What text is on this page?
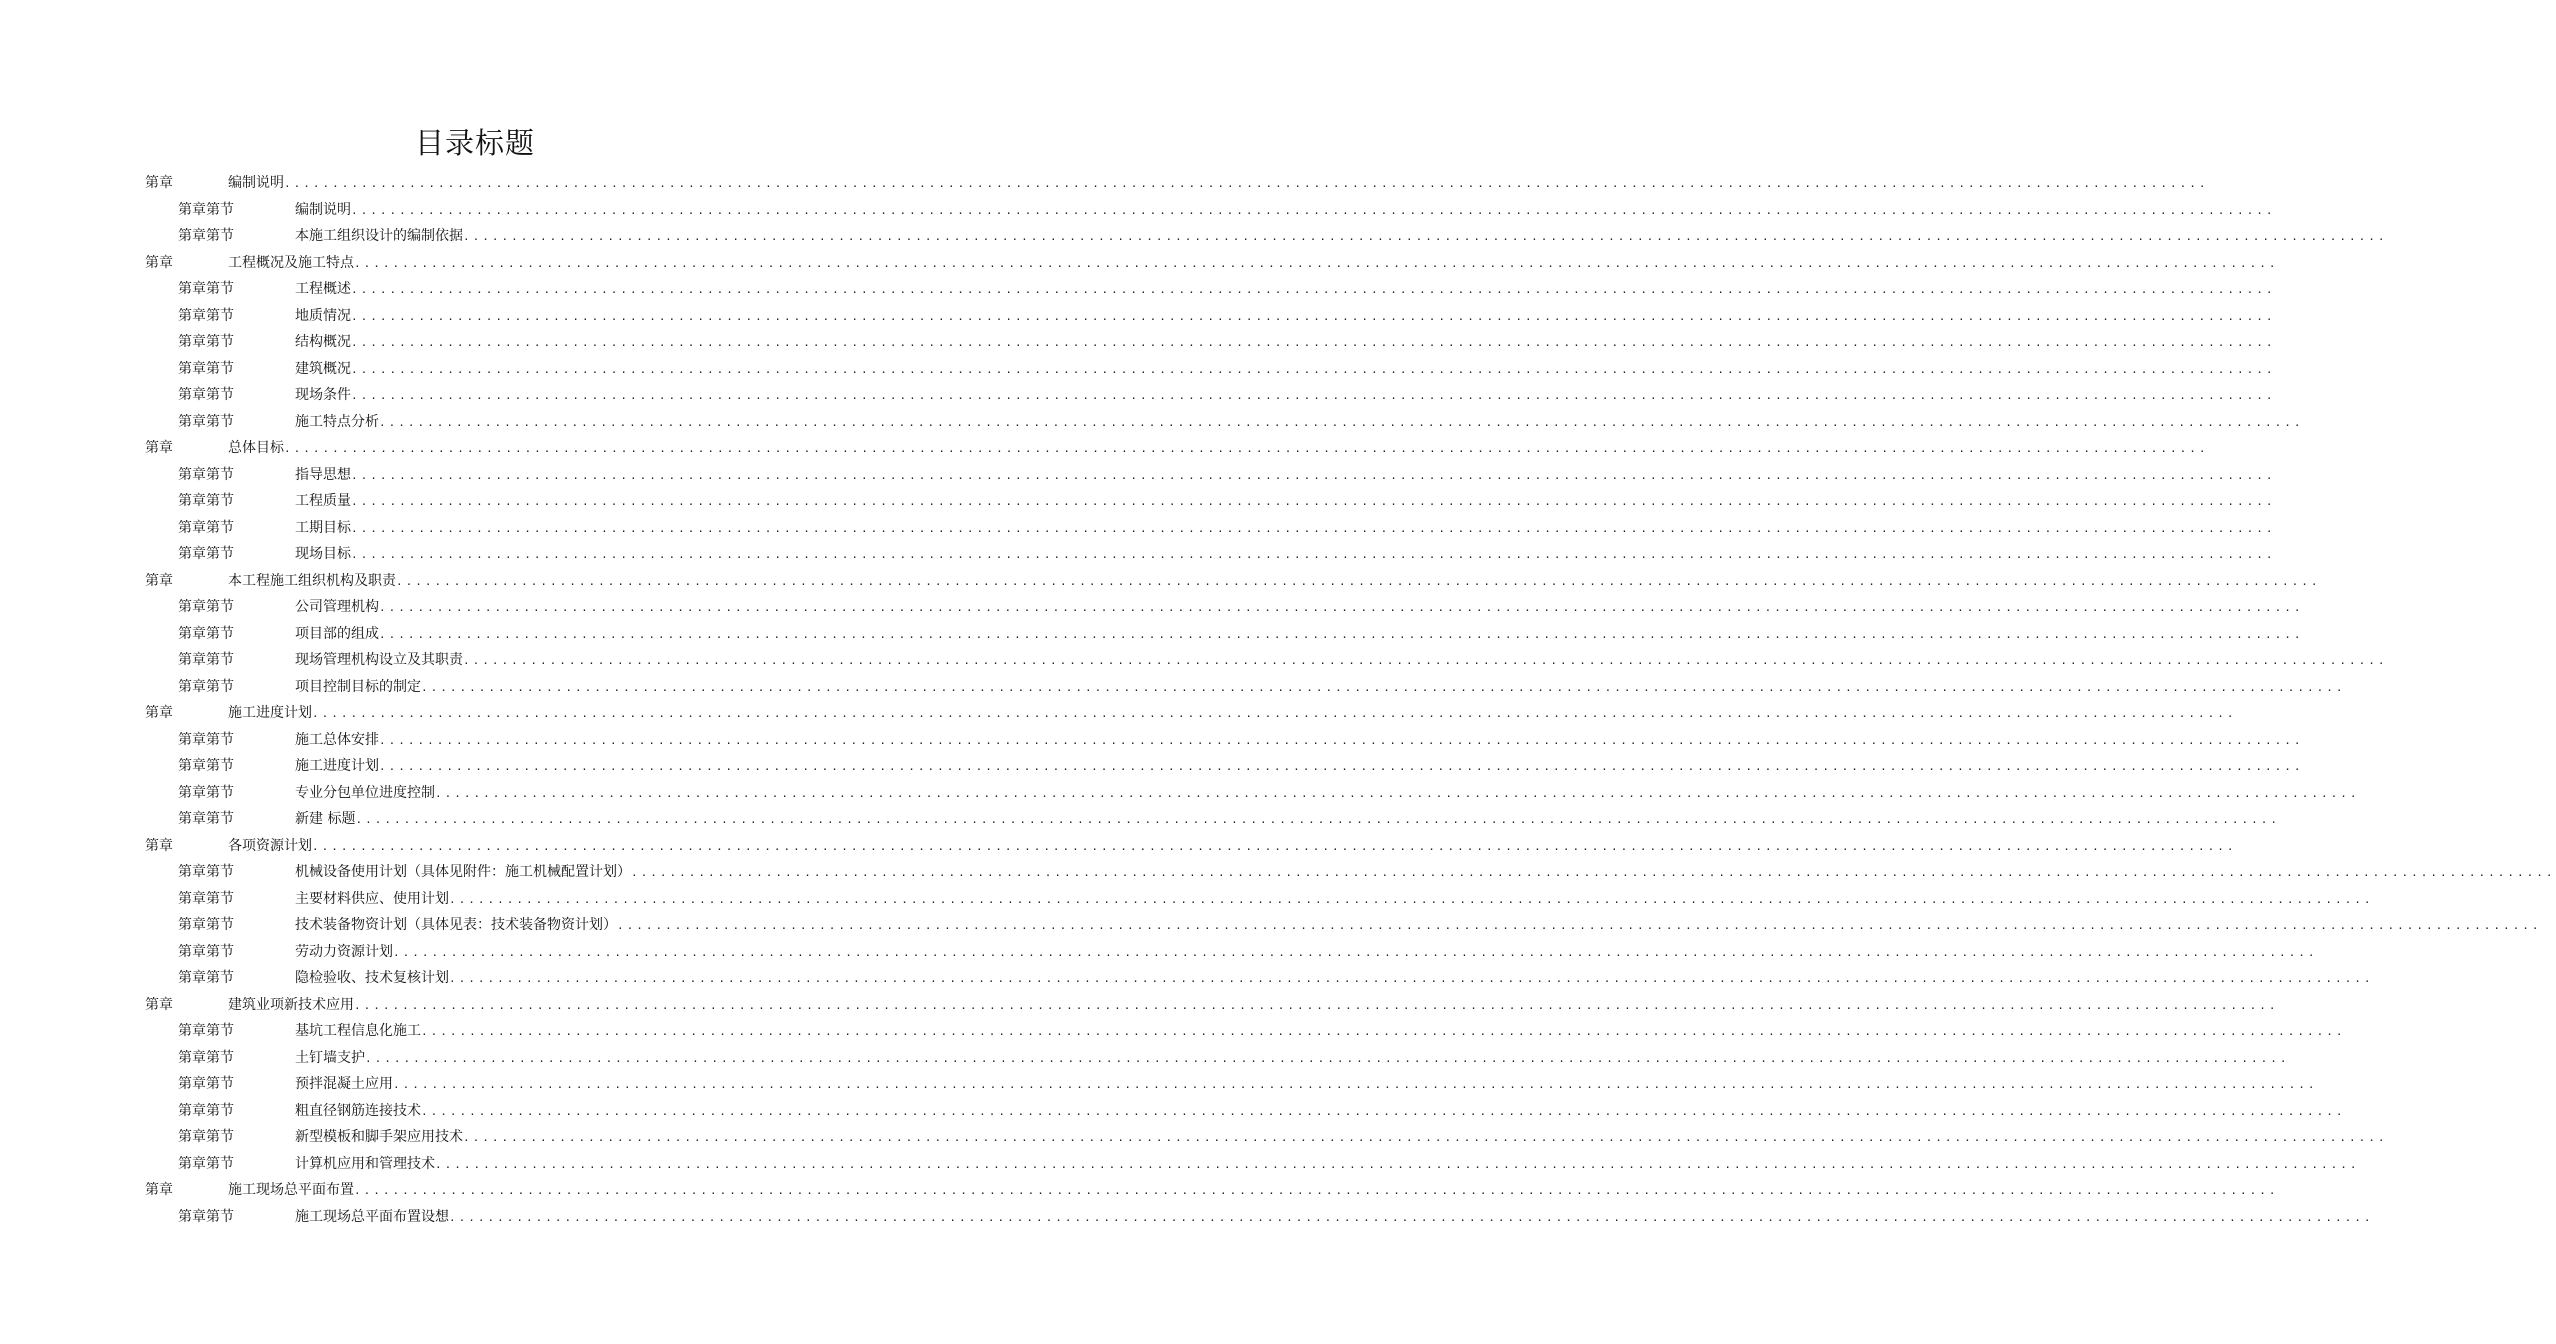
目录标题
第章	编制说明 ........................................................................................................................................................................................................
第章第节	编制说明 ........................................................................................................................................................................................................
第章第节	本施工组织设计的编制依据 ........................................................................................................................................................................................................
第章	工程概况及施工特点 ........................................................................................................................................................................................................
第章第节	工程概述 ........................................................................................................................................................................................................
第章第节	地质情况 ........................................................................................................................................................................................................
第章第节	结构概况 ........................................................................................................................................................................................................
第章第节	建筑概况 ........................................................................................................................................................................................................
第章第节	现场条件 ........................................................................................................................................................................................................
第章第节	施工特点分析 ........................................................................................................................................................................................................
第章	总体目标 ........................................................................................................................................................................................................
第章第节	指导思想 ........................................................................................................................................................................................................
第章第节	工程质量 ........................................................................................................................................................................................................
第章第节	工期目标 ........................................................................................................................................................................................................
第章第节	现场目标 ........................................................................................................................................................................................................
第章	本工程施工组织机构及职责 ........................................................................................................................................................................................................
第章第节	公司管理机构 ........................................................................................................................................................................................................
第章第节	项目部的组成 ........................................................................................................................................................................................................
第章第节	现场管理机构设立及其职责 ........................................................................................................................................................................................................
第章第节	项目控制目标的制定 ........................................................................................................................................................................................................
第章	施工进度计划 ........................................................................................................................................................................................................
第章第节	施工总体安排 ........................................................................................................................................................................................................
第章第节	施工进度计划 ........................................................................................................................................................................................................
第章第节	专业分包单位进度控制 ........................................................................................................................................................................................................
第章第节	新建 标题 ........................................................................................................................................................................................................
第章	各项资源计划 ........................................................................................................................................................................................................
第章第节	机械设备使用计划（具体见附件：施工机械配置计划） ........................................................................................................................................................................................................
第章第节	主要材料供应、使用计划 ........................................................................................................................................................................................................
第章第节	技术装备物资计划（具体见表：技术装备物资计划） ........................................................................................................................................................................................................
第章第节	劳动力资源计划 ........................................................................................................................................................................................................
第章第节	隐检验收、技术复核计划 ........................................................................................................................................................................................................
第章	建筑业项新技术应用 ........................................................................................................................................................................................................
第章第节	基坑工程信息化施工 ........................................................................................................................................................................................................
第章第节	土钉墙支护 ........................................................................................................................................................................................................
第章第节	预拌混凝土应用 ........................................................................................................................................................................................................
第章第节	粗直径钢筋连接技术 ........................................................................................................................................................................................................
第章第节	新型模板和脚手架应用技术 ........................................................................................................................................................................................................
第章第节	计算机应用和管理技术 ........................................................................................................................................................................................................
第章	施工现场总平面布置 ........................................................................................................................................................................................................
第章第节	施工现场总平面布置设想 ........................................................................................................................................................................................................
